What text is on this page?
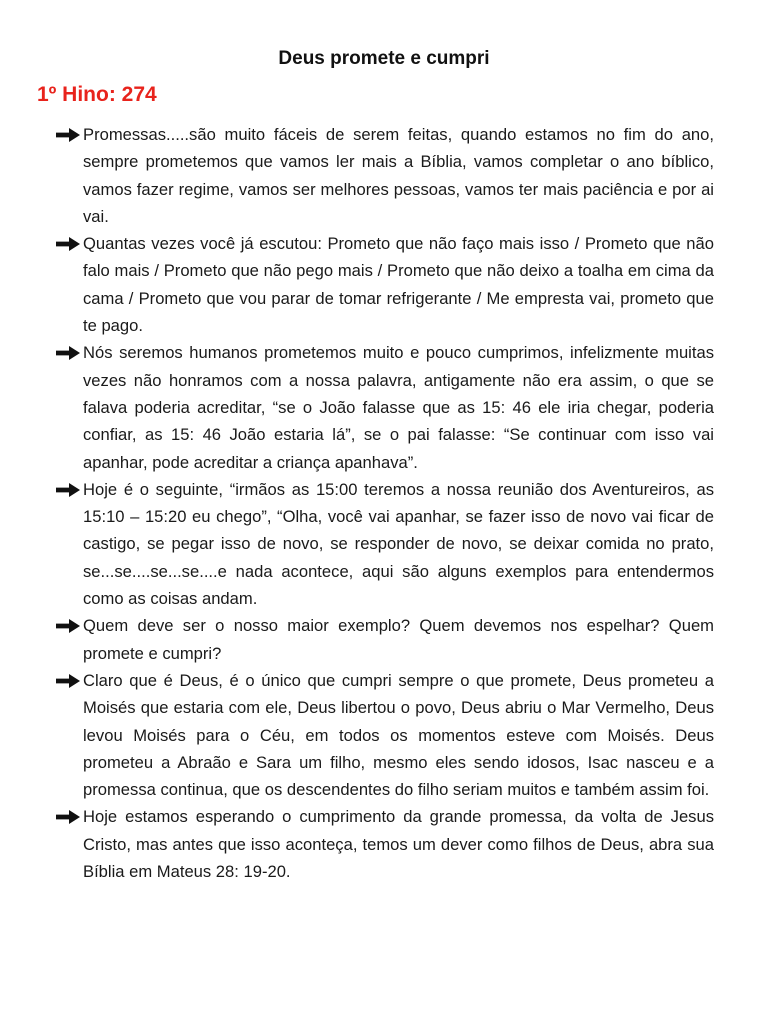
Deus promete e cumpri
1º Hino: 274
Promessas.....são muito fáceis de serem feitas, quando estamos no fim do ano, sempre prometemos que vamos ler mais a Bíblia, vamos completar o ano bíblico, vamos fazer regime, vamos ser melhores pessoas, vamos ter mais paciência e por ai vai.
Quantas vezes você já escutou: Prometo que não faço mais isso / Prometo que não falo mais / Prometo que não pego mais / Prometo que não deixo a toalha em cima da cama / Prometo que vou parar de tomar refrigerante / Me empresta vai, prometo que te pago.
Nós seremos humanos prometemos muito e pouco cumprimos, infelizmente muitas vezes não honramos com a nossa palavra, antigamente não era assim, o que se falava poderia acreditar, “se o João falasse que as 15: 46 ele iria chegar, poderia confiar, as 15: 46 João estaria lá”, se o pai falasse: “Se continuar com isso vai apanhar, pode acreditar a criança apanhava”.
Hoje é o seguinte, “irmãos as 15:00 teremos a nossa reunião dos Aventureiros, as 15:10 – 15:20 eu chego”, “Olha, você vai apanhar, se fazer isso de novo vai ficar de castigo, se pegar isso de novo, se responder de novo, se deixar comida no prato, se...se....se...se....e nada acontece, aqui são alguns exemplos para entendermos como as coisas andam.
Quem deve ser o nosso maior exemplo? Quem devemos nos espelhar? Quem promete e cumpri?
Claro que é Deus, é o único que cumpri sempre o que promete, Deus prometeu a Moisés que estaria com ele, Deus libertou o povo, Deus abriu o Mar Vermelho, Deus levou Moisés para o Céu, em todos os momentos esteve com Moisés. Deus prometeu a Abraão e Sara um filho, mesmo eles sendo idosos, Isac nasceu e a promessa continua, que os descendentes do filho seriam muitos e também assim foi.
Hoje estamos esperando o cumprimento da grande promessa, da volta de Jesus Cristo, mas antes que isso aconteça, temos um dever como filhos de Deus, abra sua Bíblia em Mateus 28: 19-20.
